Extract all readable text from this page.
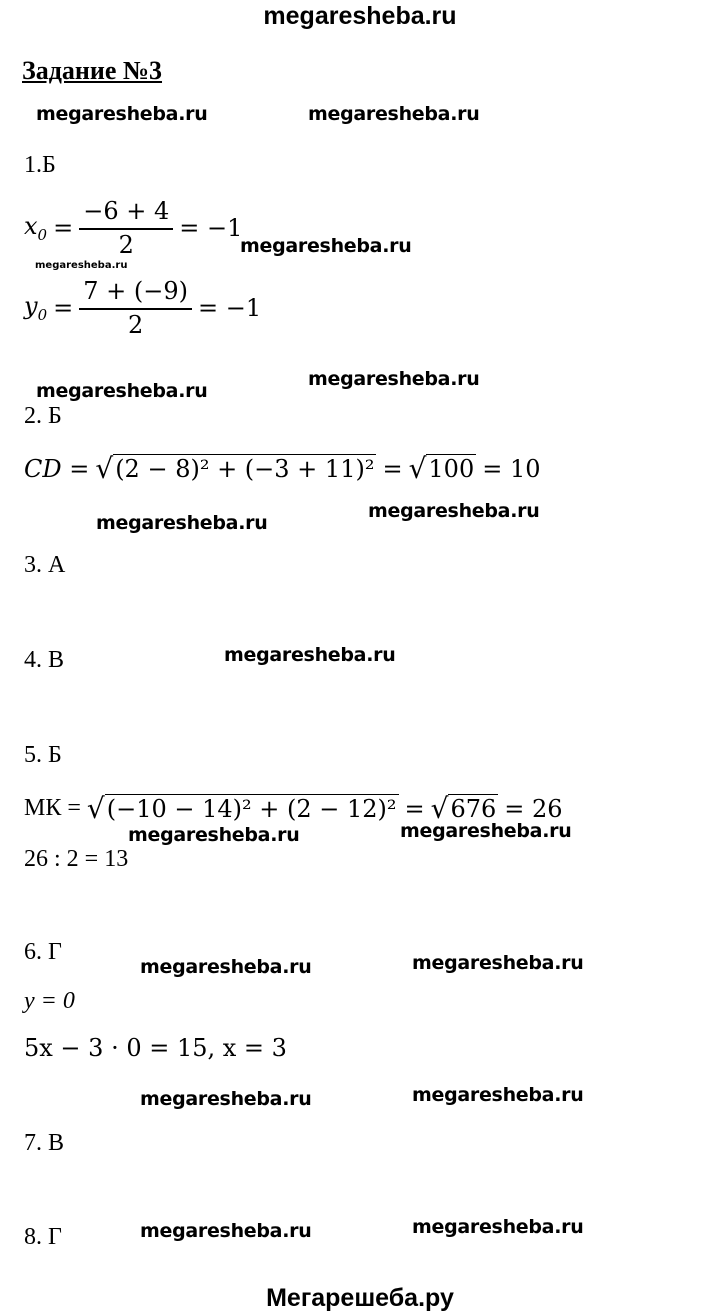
megaresheba.ru
Задание №3
megaresheba.ru	megaresheba.ru
1.Б
$x_0 = \frac{-6 + 4}{2} = -1$
megaresheba.ru
megaresheba.ru
$y_0 = \frac{7 + (-9)}{2} = -1$
megaresheba.ru
megaresheba.ru
2. Б
CD = √ (2 − 8)² + (−3 + 11)² = √ 100 = 10
megaresheba.ru
megaresheba.ru
3. А
4. В	megaresheba.ru
5. Б
МК = √ (−10 − 14)² + (2 − 12)² = √ 676 = 26
megaresheba.ru	megaresheba.ru
26 : 2 = 13
6. Г
megaresheba.ru	megaresheba.ru
y = 0
5x − 3 · 0 = 15, x = 3
megaresheba.ru	megaresheba.ru
7. В
8. Г	megaresheba.ru	megaresheba.ru
Мегарешеба.ру
